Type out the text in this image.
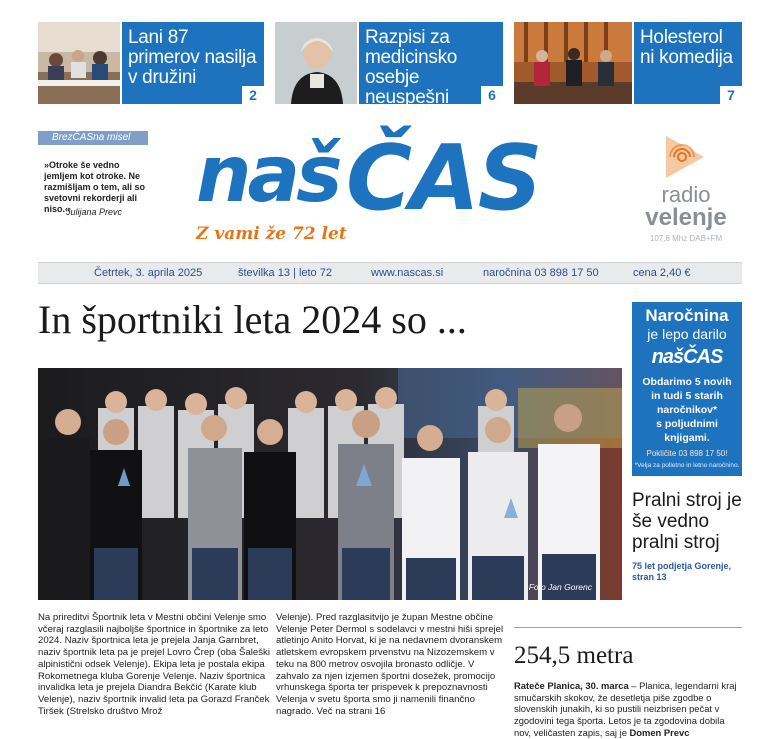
Lani 87 primerov nasilja v družini
2
Razpisi za medicinsko osebje neuspešni	6
Holesterol ni komedija
7
BrezČASna misel
»Otroke še vedno jemljem kot otroke. Ne razmišljam o tem, ali so svetovni rekorderji ali niso.«
Julijana Prevc naš ČAS
Z vami že 72 let
radio
velenje
107,8 Mhz DAB+FM
Četrtek, 3. aprila 2025	številka 13 | leto 72	www.nascas.si	naročnina 03 898 17 50	cena 2,40 €
In športniki leta 2024 so ...
Foto Jan Gorenc
Naročnina
je lepo darilo
našČAS
Obdarimo 5 novih
in tudi 5 starih
naročnikov*
s poljudnimi
knjigami.
Pokličite 03 898 17 50!
*Velja za polletno in letno naročnino.
Pralni stroj je še vedno pralni stroj
75 let podjetja Gorenje, stran 13
Na prireditvi Športnik leta v Mestni občini Velenje smo včeraj razglasili najboljše športnice in športnike za leto 2024. Naziv športnica leta je prejela Janja Garnbret, naziv športnik leta pa je prejel Lovro Črep (oba Šaleški alpinistični odsek Velenje). Ekipa leta je postala ekipa Rokometnega kluba Gorenje Velenje. Naziv športnica invalidka leta je prejela Diandra Bekčić (Karate klub Velenje), naziv športnik invalid leta pa Gorazd Franček Tiršek (Strelsko društvo Mrož
Velenje). Pred razglasitvijo je župan Mestne občine Velenje Peter Dermol s sodelavci v mestni hiši sprejel atletinjo Anito Horvat, ki je na nedavnem dvoranskem atletskem evropskem prvenstvu na Nizozemskem v teku na 800 metrov osvojila bronasto odličje. V zahvalo za njen izjemen športni dosežek, promocijo vrhunskega športa ter prispevek k prepoznavnosti Velenja v svetu športa smo ji namenili finančno nagrado. Več na strani 16
254,5 metra
Rateče Planica, 30. marca – Planica, legendarni kraj smučarskih skokov, že desetletja piše zgodbe o slovenskih junakih, ki so pustili neizbrisen pečat v zgodovini tega športa. Letos je ta zgodovina dobila nov, veličasten zapis, saj je Domen Prevc
